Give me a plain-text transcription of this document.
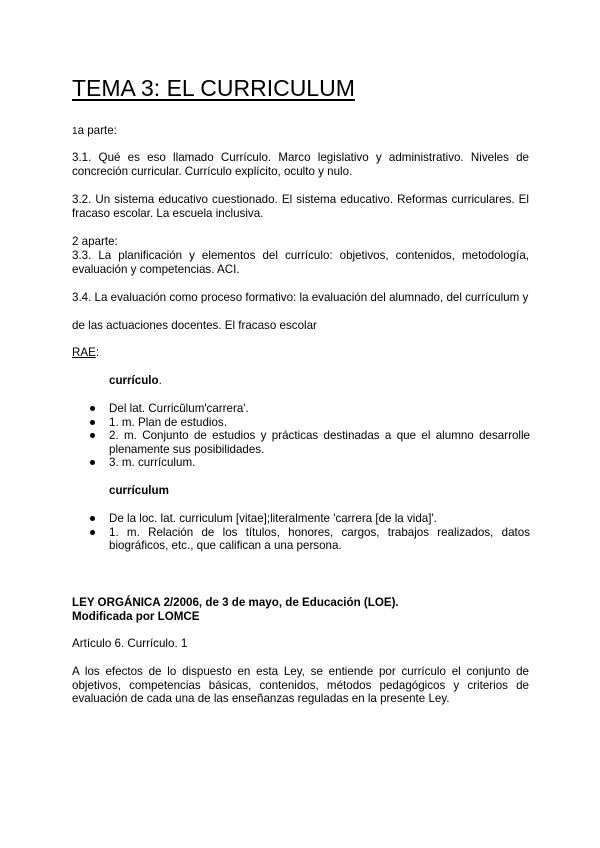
TEMA 3: EL CURRICULUM

1a parte:

3.1. Qué es eso llamado Currículo. Marco legislativo y administrativo. Niveles de concreción curricular. Currículo explícito, oculto y nulo.

3.2. Un sistema educativo cuestionado. El sistema educativo. Reformas curriculares. El fracaso escolar. La escuela inclusiva.

2 aparte:

3.3. La planificación y elementos del currículo: objetivos, contenidos, metodología, evaluación y competencias. ACI.

3.4. La evaluación como proceso formativo: la evaluación del alumnado, del currículum y

de las actuaciones docentes. El fracaso escolar

RAE:

currículo.
Del lat. Curricŭlum'carrera'.
1. m. Plan de estudios.
2. m. Conjunto de estudios y prácticas destinadas a que el alumno desarrolle plenamente sus posibilidades.
3. m. currículum.
currículum
De la loc. lat. curriculum [vitae];literalmente 'carrera [de la vida]'.
1. m. Relación de los títulos, honores, cargos, trabajos realizados, datos biográficos, etc., que califican a una persona.

LEY ORGÁNICA 2/2006, de 3 de mayo, de Educación (LOE).

Modificada por LOMCE

Artículo 6. Currículo. 1

A los efectos de lo dispuesto en esta Ley, se entiende por currículo el conjunto de objetivos, competencias básicas, contenidos, métodos pedagógicos y criterios de evaluación de cada una de las enseñanzas reguladas en la presente Ley.
